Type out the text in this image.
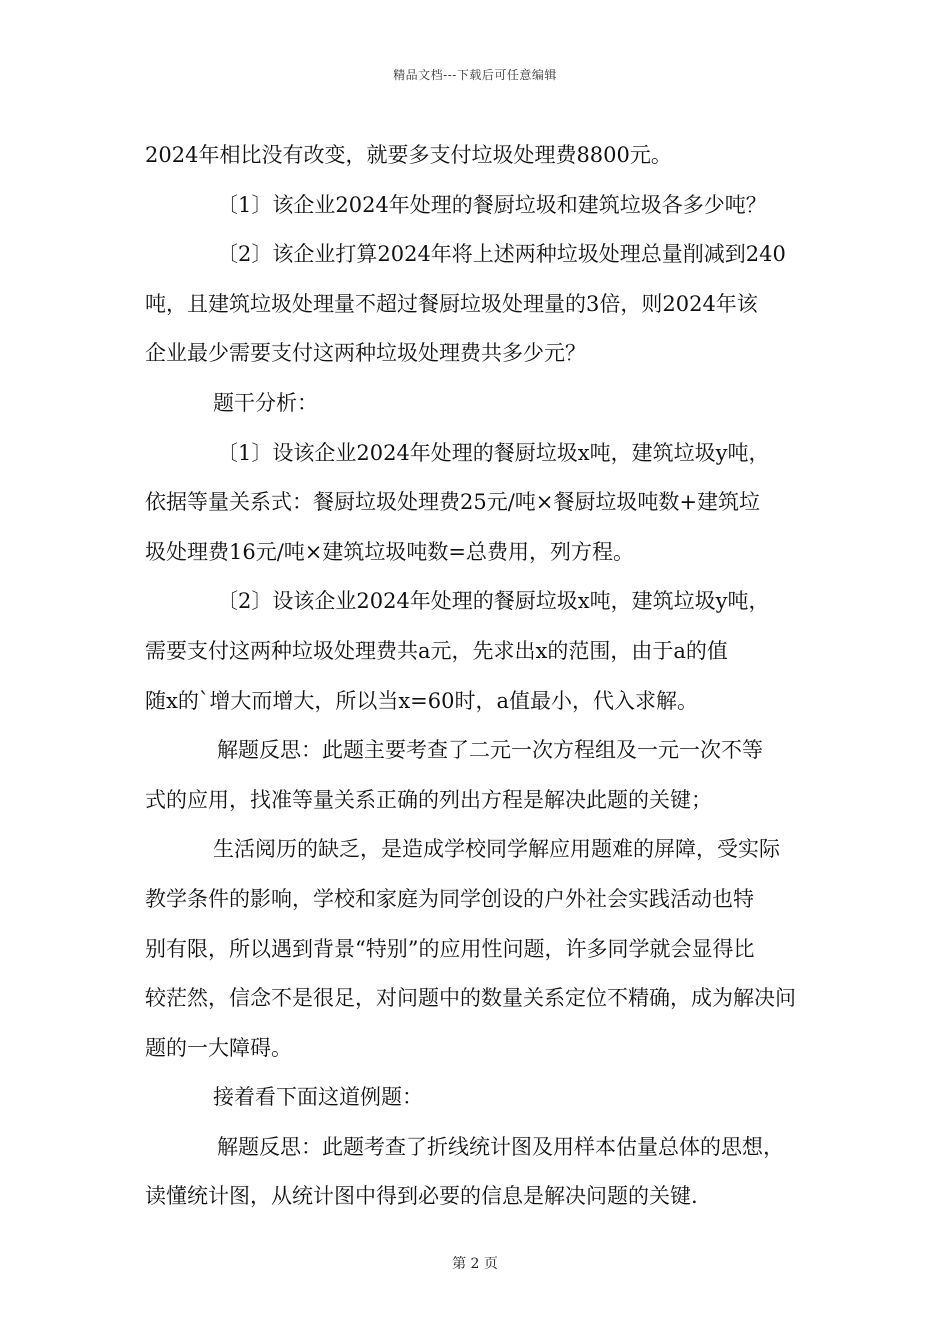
精品文档---下载后可任意编辑
2024年相比没有改变，就要多支付垃圾处理费8800元。
〔1〕该企业2024年处理的餐厨垃圾和建筑垃圾各多少吨？
〔2〕该企业打算2024年将上述两种垃圾处理总量削减到240
吨，且建筑垃圾处理量不超过餐厨垃圾处理量的3倍，则2024年该
企业最少需要支付这两种垃圾处理费共多少元？
题干分析：
〔1〕设该企业2024年处理的餐厨垃圾x吨，建筑垃圾y吨，
依据等量关系式：餐厨垃圾处理费25元/吨×餐厨垃圾吨数+建筑垃
圾处理费16元/吨×建筑垃圾吨数=总费用，列方程。
〔2〕设该企业2024年处理的餐厨垃圾x吨，建筑垃圾y吨，
需要支付这两种垃圾处理费共a元，先求出x的范围，由于a的值
随x的`增大而增大，所以当x=60时，a值最小，代入求解。
解题反思：此题主要考查了二元一次方程组及一元一次不等
式的应用，找准等量关系正确的列出方程是解决此题的关键；
生活阅历的缺乏，是造成学校同学解应用题难的屏障，受实际
教学条件的影响，学校和家庭为同学创设的户外社会实践活动也特
别有限，所以遇到背景“特别”的应用性问题，许多同学就会显得比
较茫然，信念不是很足，对问题中的数量关系定位不精确，成为解决问
题的一大障碍。
接着看下面这道例题：
解题反思：此题考查了折线统计图及用样本估量总体的思想，
读懂统计图，从统计图中得到必要的信息是解决问题的关键.
第 2 页
